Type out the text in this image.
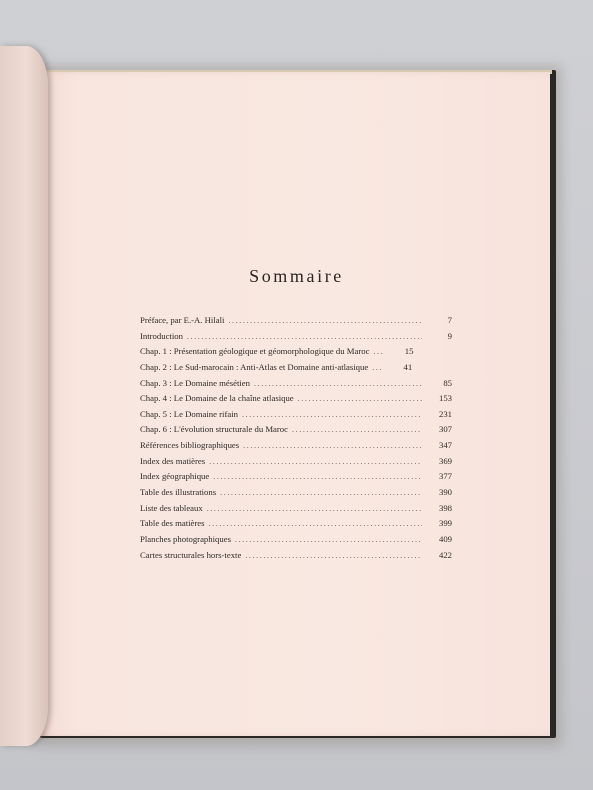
Sommaire
Préface, par E.-A. Hilali .....	7
Introduction .....	9
Chap. 1 : Présentation géologique et géomorphologique du Maroc .....	15
Chap. 2 : Le Sud-marocain : Anti-Atlas et Domaine anti-atlasique .....	41
Chap. 3 : Le Domaine mésétien .....	85
Chap. 4 : Le Domaine de la chaîne atlasique .....	153
Chap. 5 : Le Domaine rifain .....	231
Chap. 6 : L'évolution structurale du Maroc .....	307
Références bibliographiques .....	347
Index des matières .....	369
Index géographique .....	377
Table des illustrations .....	390
Liste des tableaux .....	398
Table des matières .....	399
Planches photographiques .....	409
Cartes structurales hors-texte .....	422
